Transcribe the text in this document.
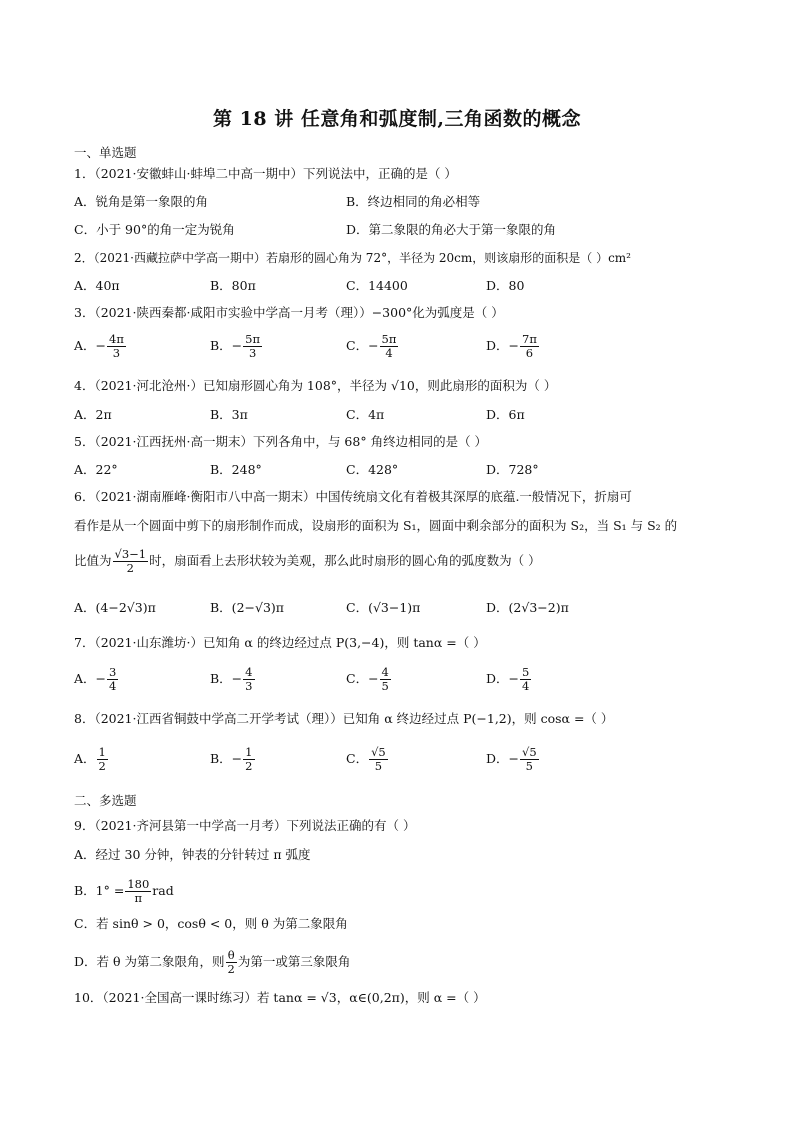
第 18 讲 任意角和弧度制,三角函数的概念
一、单选题
1．（2021·安徽蚌山·蚌埠二中高一期中）下列说法中，正确的是（ ）
A．锐角是第一象限的角	B．终边相同的角必相等
C．小于 90°的角一定为锐角	D．第二象限的角必大于第一象限的角
2．（2021·西藏拉萨中学高一期中）若扇形的圆心角为 72°，半径为 20cm，则该扇形的面积是（ ）cm²
A．40π	B．80π	C．14400	D．80
3．（2021·陕西秦都·咸阳市实验中学高一月考（理））−300°化为弧度是（ ）
A．− $\frac{4\pi}{3}$	B．− $\frac{5\pi}{3}$	C．− $\frac{5\pi}{4}$	D．− $\frac{7\pi}{6}$
4．（2021·河北沧州·）已知扇形圆心角为 108°，半径为 √10，则此扇形的面积为（ ）
A．2π	B．3π	C．4π	D．6π
5．（2021·江西抚州·高一期末）下列各角中，与 68° 角终边相同的是（ ）
A．22°	B．248°	C．428°	D．728°
6．（2021·湖南雁峰·衡阳市八中高一期末）中国传统扇文化有着极其深厚的底蕴.一般情况下，折扇可
看作是从一个圆面中剪下的扇形制作而成，设扇形的面积为 S₁，圆面中剩余部分的面积为 S₂，当 S₁ 与 S₂ 的
比值为 $\frac{√3-1}{2}$ 时，扇面看上去形状较为美观，那么此时扇形的圆心角的弧度数为（ ）
A．(4−2√3)π	B．(2−√3)π	C．(√3−1)π	D．(2√3−2)π
7．（2021·山东潍坊·）已知角 α 的终边经过点 P(3,−4)，则 tanα =（ ）
A．− $\frac{3}{4}$	B．− $\frac{4}{3}$	C．− $\frac{4}{5}$	D．− $\frac{5}{4}$
8．（2021·江西省铜鼓中学高二开学考试（理））已知角 α 终边经过点 P(−1,2)，则 cosα =（ ）
A． $\frac{1}{2}$	B．− $\frac{1}{2}$	C． $\frac{√5}{5}$	D．− $\frac{√5}{5}$
二、多选题
9．（2021·齐河县第一中学高一月考）下列说法正确的有（ ）
A．经过 30 分钟，钟表的分针转过 π 弧度
B．$1^\circ = \frac{180}{\pi}$ rad
C．若 sinθ > 0，cosθ < 0，则 θ 为第二象限角
D．若 θ 为第二象限角，则 $\frac{\theta}{2}$ 为第一或第三象限角
10．（2021·全国高一课时练习）若 tanα = √3，α∈(0,2π)，则 α =（ ）
